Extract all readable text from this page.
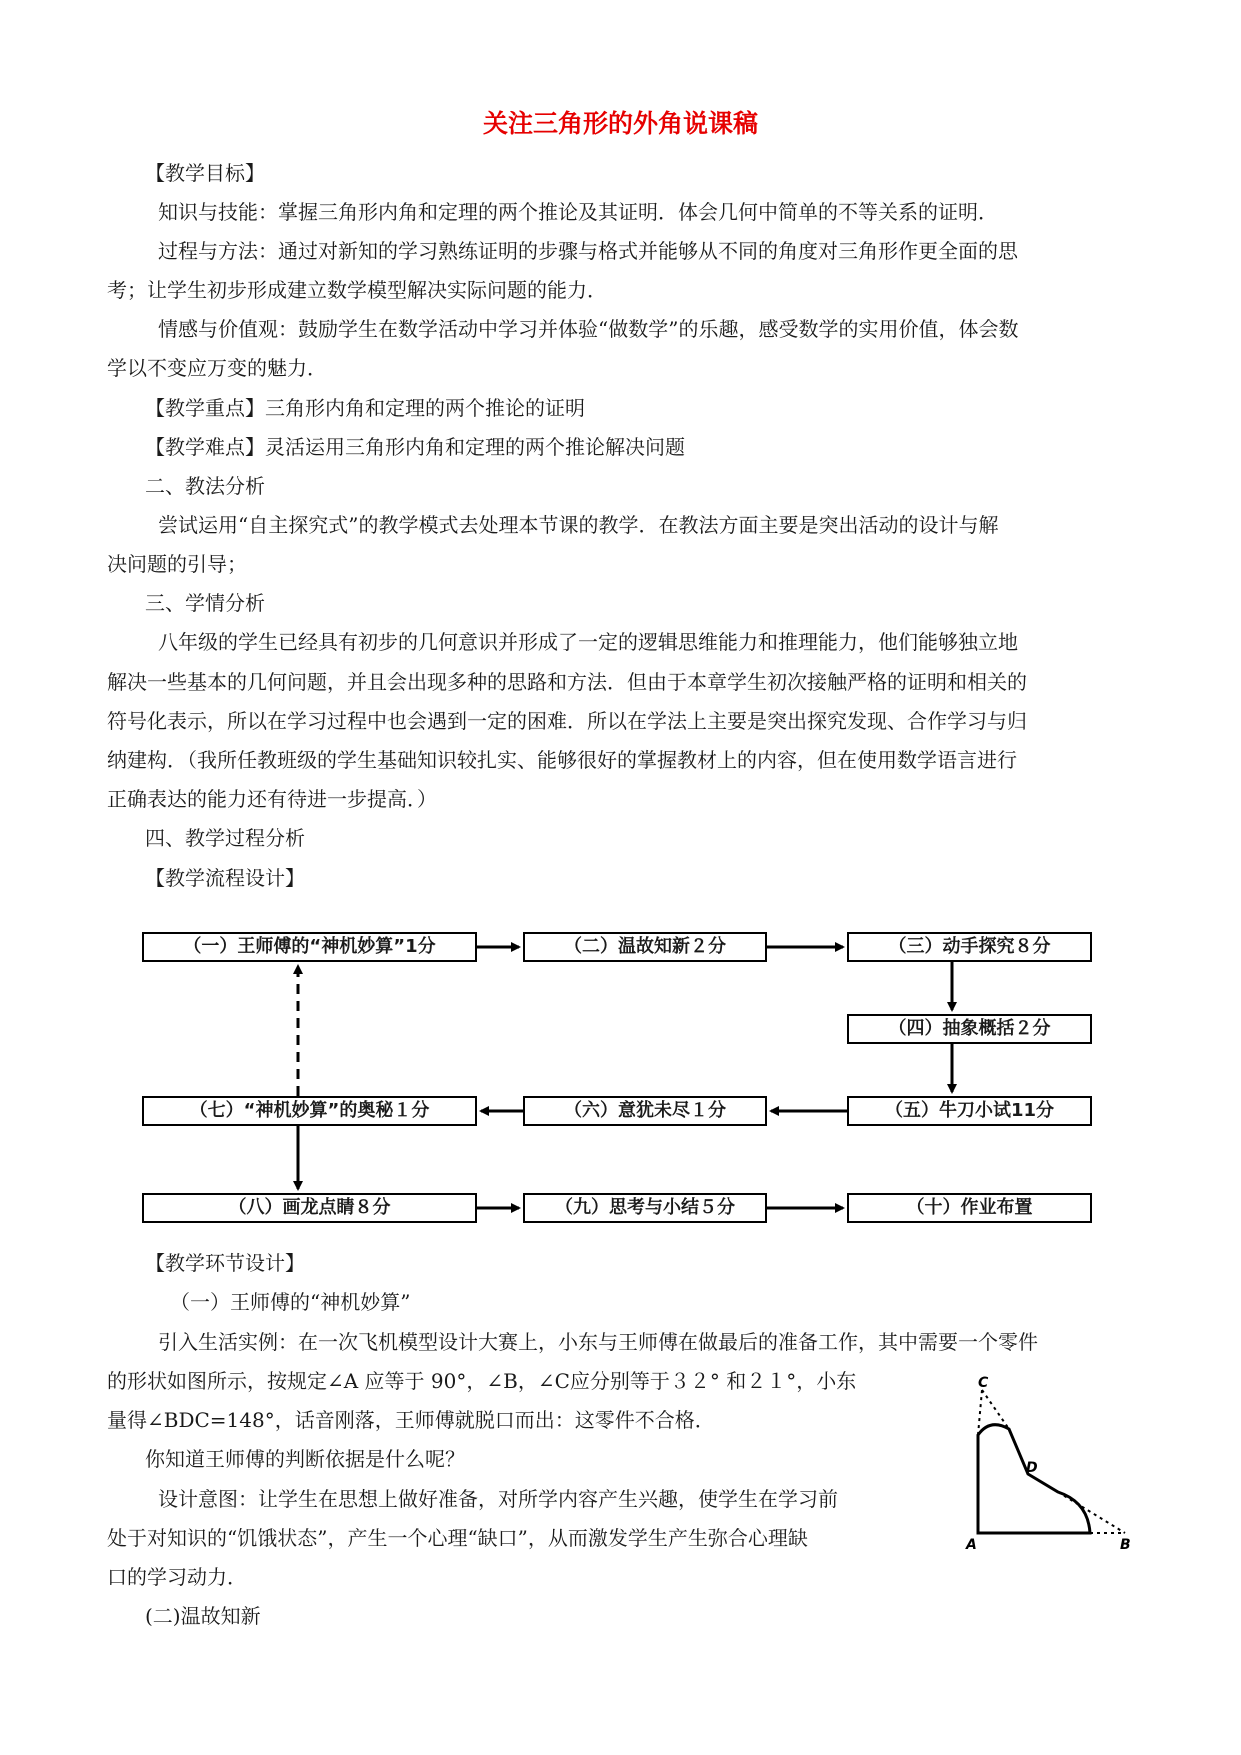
关注三角形的外角说课稿
【教学目标】
知识与技能：掌握三角形内角和定理的两个推论及其证明．体会几何中简单的不等关系的证明．
过程与方法：通过对新知的学习熟练证明的步骤与格式并能够从不同的角度对三角形作更全面的思
考；让学生初步形成建立数学模型解决实际问题的能力．
情感与价值观：鼓励学生在数学活动中学习并体验“做数学”的乐趣，感受数学的实用价值，体会数
学以不变应万变的魅力．
【教学重点】三角形内角和定理的两个推论的证明
【教学难点】灵活运用三角形内角和定理的两个推论解决问题
二、教法分析
尝试运用“自主探究式”的教学模式去处理本节课的教学．在教法方面主要是突出活动的设计与解
决问题的引导；
三、学情分析
八年级的学生已经具有初步的几何意识并形成了一定的逻辑思维能力和推理能力，他们能够独立地
解决一些基本的几何问题，并且会出现多种的思路和方法．但由于本章学生初次接触严格的证明和相关的
符号化表示，所以在学习过程中也会遇到一定的困难．所以在学法上主要是突出探究发现、合作学习与归
纳建构．（我所任教班级的学生基础知识较扎实、能够很好的掌握教材上的内容，但在使用数学语言进行
正确表达的能力还有待进一步提高．）
四、教学过程分析
【教学流程设计】
（一）王师傅的“神机妙算”1分	（二）温故知新２分	（三）动手探究８分
（四）抽象概括２分
（五）牛刀小试11分
（六）意犹未尽１分
（七）“神机妙算”的奥秘１分
（八）画龙点睛８分	（九）思考与小结５分	（十）作业布置
【教学环节设计】
（一）王师傅的“神机妙算”
引入生活实例：在一次飞机模型设计大赛上，小东与王师傅在做最后的准备工作，其中需要一个零件
的形状如图所示，按规定∠A 应等于 90°，∠B，∠C应分别等于３２° 和２１°，小东
量得∠BDC=148°，话音刚落，王师傅就脱口而出：这零件不合格．
你知道王师傅的判断依据是什么呢？
设计意图：让学生在思想上做好准备，对所学内容产生兴趣，使学生在学习前
处于对知识的“饥饿状态”，产生一个心理“缺口”，从而激发学生产生弥合心理缺
口的学习动力．
(二)温故知新
A	B
C
D
